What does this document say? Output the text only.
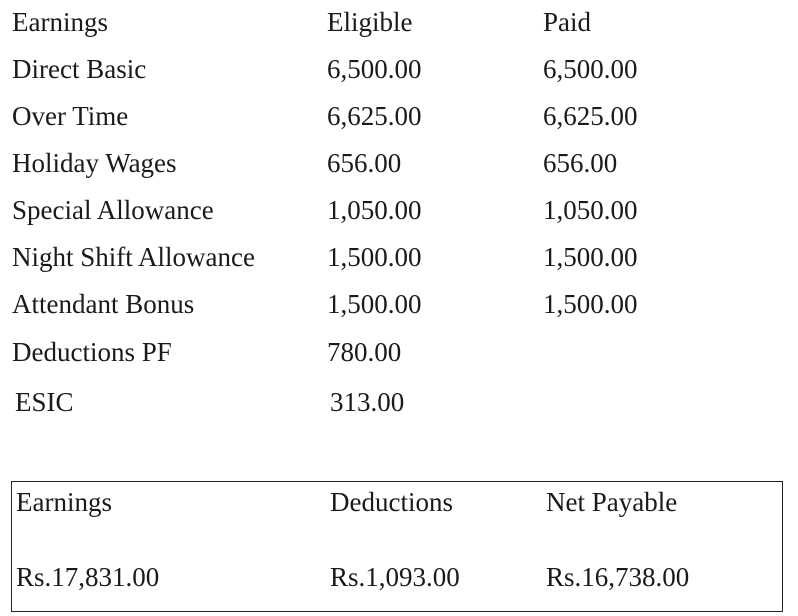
Earnings	Eligible	Paid
Direct Basic	6,500.00	6,500.00
Over Time	6,625.00	6,625.00
Holiday Wages	656.00	656.00
Special Allowance	1,050.00	1,050.00
Night Shift Allowance	1,500.00	1,500.00
Attendant Bonus	1,500.00	1,500.00
Deductions PF	780.00
ESIC	313.00
Earnings	Deductions	Net Payable
Rs.17,831.00	Rs.1,093.00	Rs.16,738.00
